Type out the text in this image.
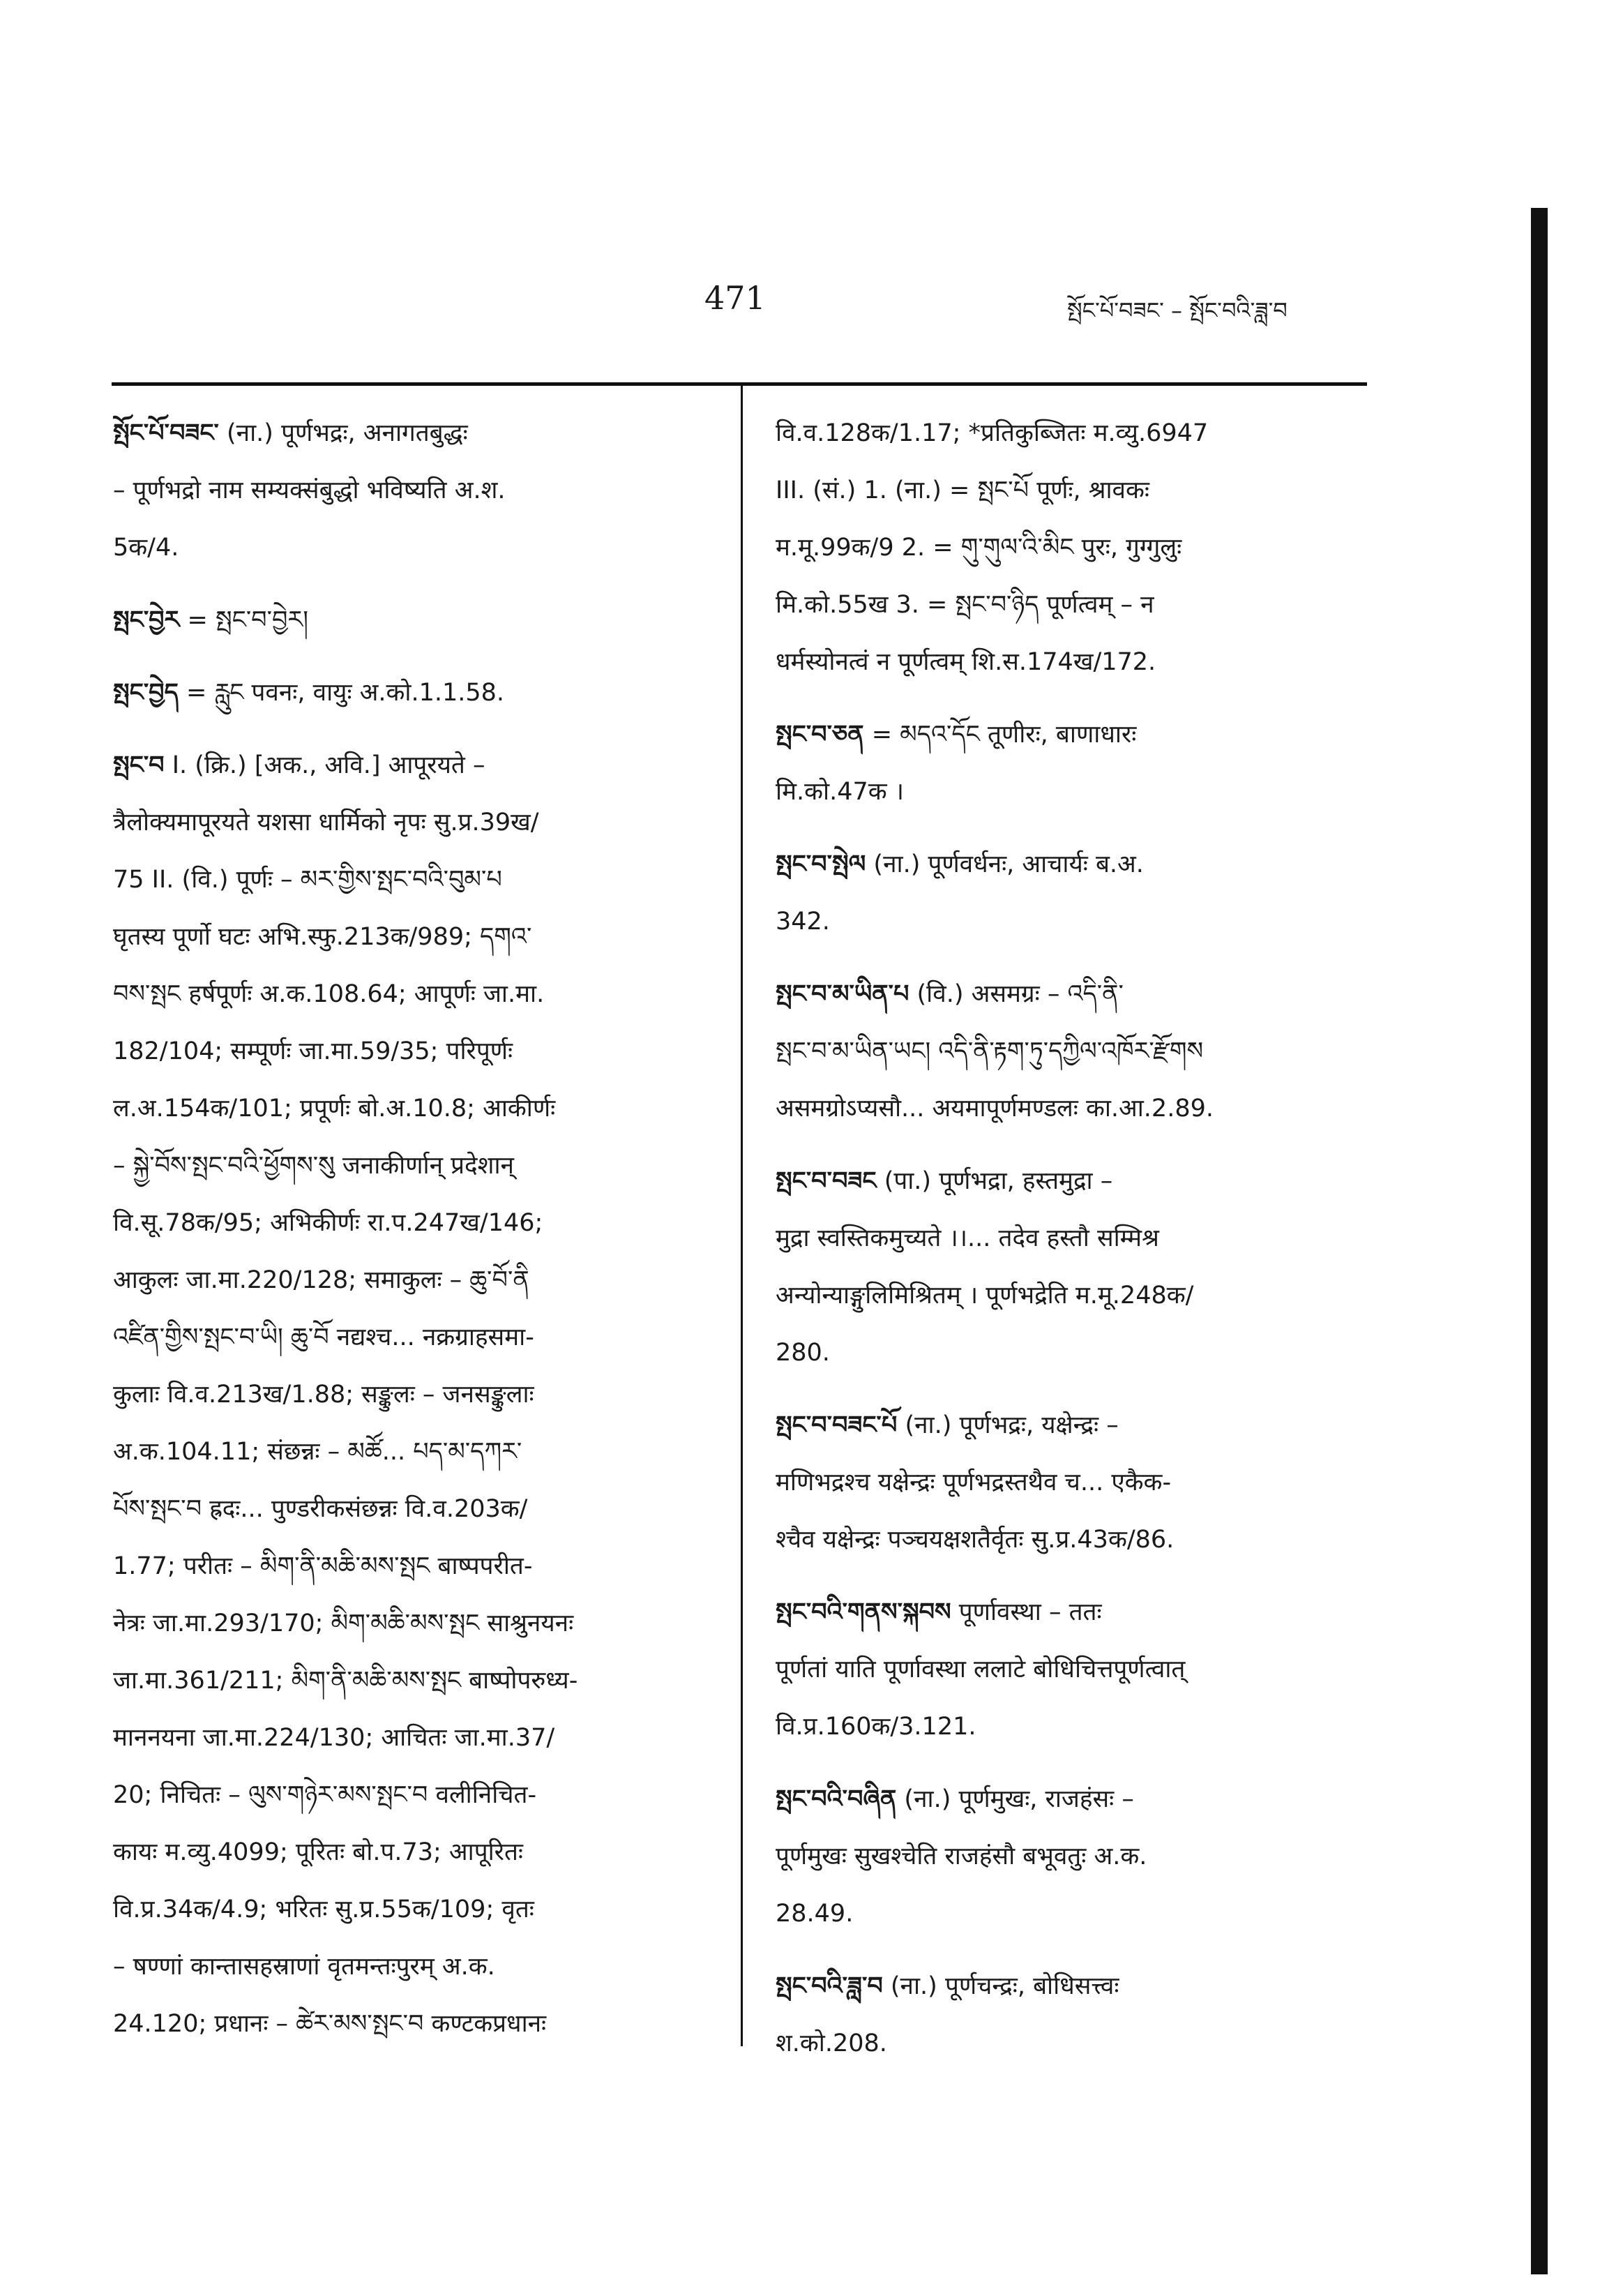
471	སྤོང་པོ་བཟང་ – སྤོང་བའི་ཟླ་བ
སྤོང་པོ་བཟང་ (ना.) पूर्णभद्रः, अनागतबुद्धः
– पूर्णभद्रो नाम सम्यक्संबुद्धो भविष्यति अ.श.
5क/4.
སྤང་བྱེར = སྤང་བ་བྱེར།
སྤང་བྱེད = རླུང पवनः, वायुः अ.को.1.1.58.
སྤང་བ I. (क्रि.) [अक., अवि.] आपूरयते –
त्रैलोक्यमापूरयते यशसा धार्मिको नृपः सु.प्र.39ख/
75 II. (वि.) पूर्णः – མར་གྱིས་སྤང་བའི་བུམ་པ
घृतस्य पूर्णो घटः अभि.स्फु.213क/989; དགའ་
བས་སྤང हर्षपूर्णः अ.क.108.64; आपूर्णः जा.मा.
182/104; सम्पूर्णः जा.मा.59/35; परिपूर्णः
ल.अ.154क/101; प्रपूर्णः बो.अ.10.8; आकीर्णः
– སྐྱེ་བོས་སྤང་བའི་ཕྱོགས་སུ जनाकीर्णान् प्रदेशान्
वि.सू.78क/95; अभिकीर्णः रा.प.247ख/146;
आकुलः जा.मा.220/128; समाकुलः – ཆུ་བོ་ནི
འཛིན་གྱིས་སྤང་བ་ཡི། ཆུ་བོ नद्यश्च... नक्रग्राहसमा-
कुलाः वि.व.213ख/1.88; सङ्कुलः – जनसङ्कुलाः
अ.क.104.11; संछन्नः – མཚོ... པད་མ་དཀར་
པོས་སྤང་བ ह्रदः... पुण्डरीकसंछन्नः वि.व.203क/
1.77; परीतः – མིག་ནི་མཆི་མས་སྤང बाष्पपरीत-
नेत्रः जा.मा.293/170; མིག་མཆི་མས་སྤང साश्रुनयनः
जा.मा.361/211; མིག་ནི་མཆི་མས་སྤང बाष्पोपरुध्य-
माननयना जा.मा.224/130; आचितः जा.मा.37/
20; निचितः – ལུས་གཉེར་མས་སྤང་བ वलीनिचित-
कायः म.व्यु.4099; पूरितः बो.प.73; आपूरितः
वि.प्र.34क/4.9; भरितः सु.प्र.55क/109; वृतः
– षण्णां कान्तासहस्राणां वृतमन्तःपुरम् अ.क.
24.120; प्रधानः – ཚེར་མས་སྤང་བ कण्टकप्रधानः
वि.व.128क/1.17; *प्रतिकुब्जितः म.व्यु.6947
III. (सं.) 1. (ना.) = སྤང་པོ पूर्णः, श्रावकः
म.मू.99क/9 2. = གུ་གུལ་འི་མིང पुरः, गुग्गुलुः
मि.को.55ख 3. = སྤང་བ་ཉིད पूर्णत्वम् – न
धर्मस्योनत्वं न पूर्णत्वम् शि.स.174ख/172.
སྤང་བ་ཅན = མདའ་དོང तूणीरः, बाणाधारः
मि.को.47क ।
སྤང་བ་སྤེལ (ना.) पूर्णवर्धनः, आचार्यः ब.अ.
342.
སྤང་བ་མ་ཡིན་པ (वि.) असमग्रः – འདི་ནི་
སྤང་བ་མ་ཡིན་ཡང། འདི་ནི་རྟག་ཏུ་དཀྱིལ་འཁོར་རྫོགས
असमग्रोऽप्यसौ... अयमापूर्णमण्डलः का.आ.2.89.
སྤང་བ་བཟང (पा.) पूर्णभद्रा, हस्तमुद्रा –
मुद्रा स्वस्तिकमुच्यते ।।... तदेव हस्तौ सम्मिश्र
अन्योन्याङ्गुलिमिश्रितम् । पूर्णभद्रेति म.मू.248क/
280.
སྤང་བ་བཟང་པོ (ना.) पूर्णभद्रः, यक्षेन्द्रः –
मणिभद्रश्च यक्षेन्द्रः पूर्णभद्रस्तथैव च... एकैक-
श्चैव यक्षेन्द्रः पञ्चयक्षशतैर्वृतः सु.प्र.43क/86.
སྤང་བའི་གནས་སྐབས पूर्णावस्था – ततः
पूर्णतां याति पूर्णावस्था ललाटे बोधिचित्तपूर्णत्वात्
वि.प्र.160क/3.121.
སྤང་བའི་བཞིན (ना.) पूर्णमुखः, राजहंसः –
पूर्णमुखः सुखश्चेति राजहंसौ बभूवतुः अ.क.
28.49.
སྤང་བའི་ཟླ་བ (ना.) पूर्णचन्द्रः, बोधिसत्त्वः
श.को.208.
